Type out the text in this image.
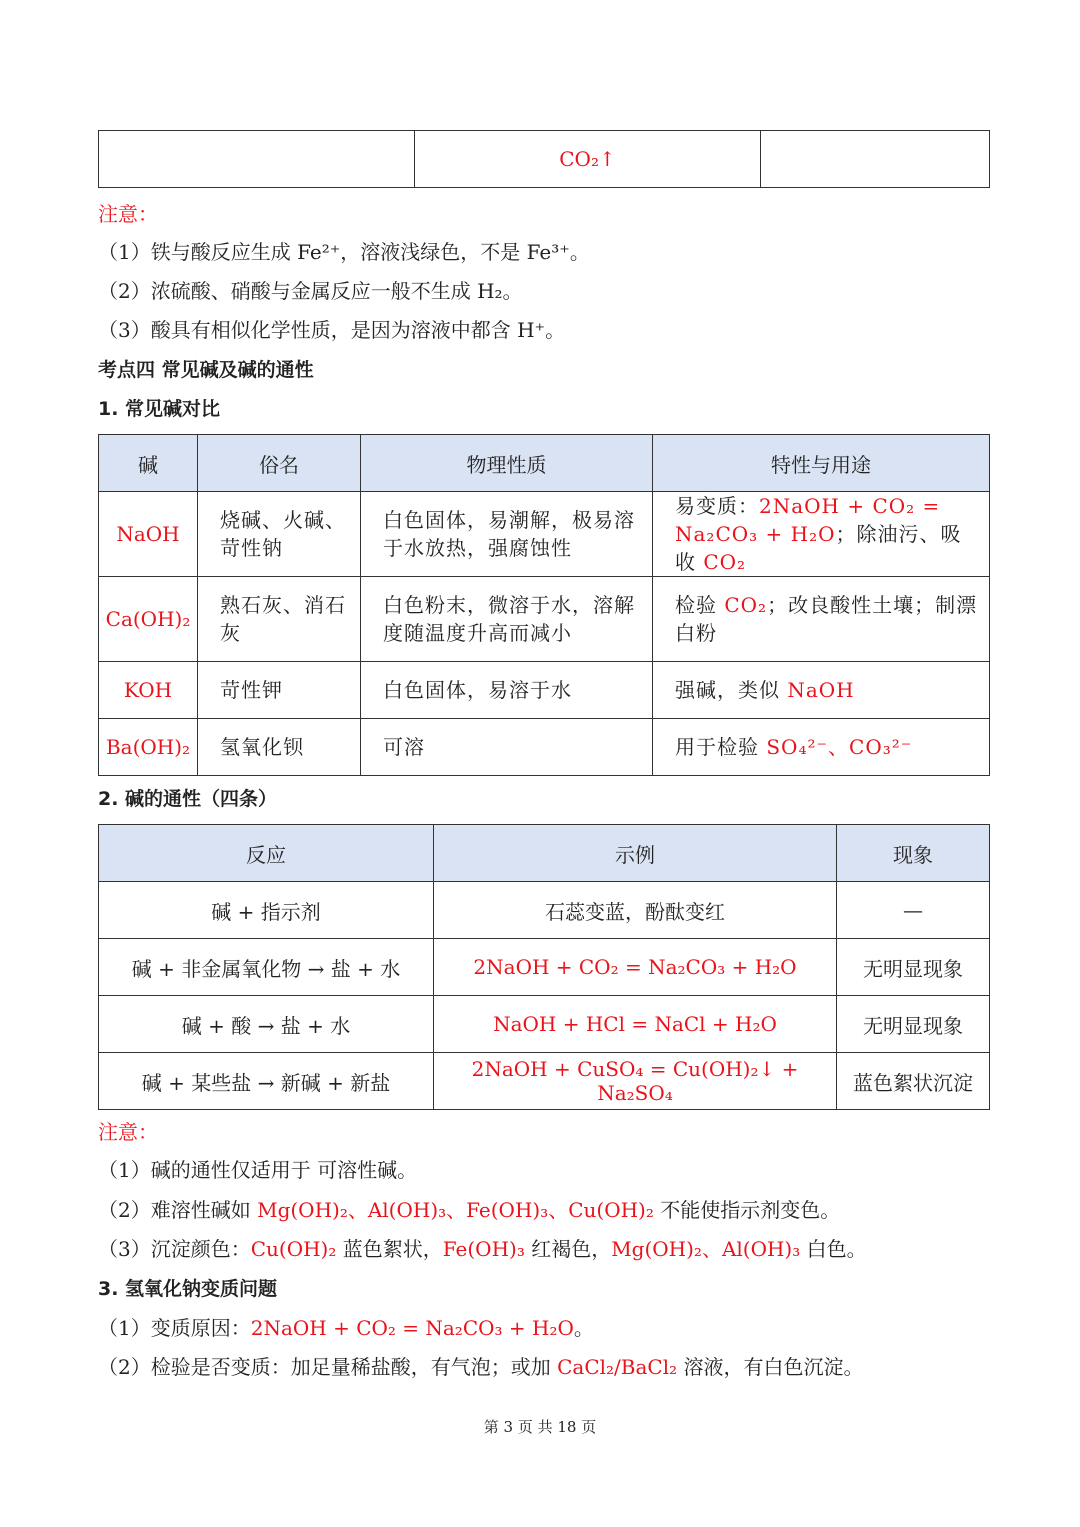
	CO₂↑	
注意：
（1）铁与酸反应生成 Fe²⁺，溶液浅绿色，不是 Fe³⁺。
（2）浓硫酸、硝酸与金属反应一般不生成 H₂。
（3）酸具有相似化学性质，是因为溶液中都含 H⁺。
考点四 常见碱及碱的通性
1. 常见碱对比
碱	俗名	物理性质	特性与用途
NaOH	烧碱、火碱、苛性钠	白色固体，易潮解，极易溶于水放热，强腐蚀性	易变质：2NaOH + CO₂ = Na₂CO₃ + H₂O；除油污、吸收 CO₂
Ca(OH)₂	熟石灰、消石灰	白色粉末，微溶于水，溶解度随温度升高而减小	检验 CO₂；改良酸性土壤；制漂白粉
KOH	苛性钾	白色固体，易溶于水	强碱，类似 NaOH
Ba(OH)₂	氢氧化钡	可溶	用于检验 SO₄²⁻、CO₃²⁻
2. 碱的通性（四条）
反应	示例	现象
碱 + 指示剂	石蕊变蓝，酚酞变红	—
碱 + 非金属氧化物 → 盐 + 水	2NaOH + CO₂ = Na₂CO₃ + H₂O	无明显现象
碱 + 酸 → 盐 + 水	NaOH + HCl = NaCl + H₂O	无明显现象
碱 + 某些盐 → 新碱 + 新盐	2NaOH + CuSO₄ = Cu(OH)₂↓ + Na₂SO₄	蓝色絮状沉淀
注意：
（1）碱的通性仅适用于 可溶性碱。
（2）难溶性碱如 Mg(OH)₂、Al(OH)₃、Fe(OH)₃、Cu(OH)₂ 不能使指示剂变色。
（3）沉淀颜色：Cu(OH)₂ 蓝色絮状，Fe(OH)₃ 红褐色，Mg(OH)₂、Al(OH)₃ 白色。
3. 氢氧化钠变质问题
（1）变质原因：2NaOH + CO₂ = Na₂CO₃ + H₂O。
（2）检验是否变质：加足量稀盐酸，有气泡；或加 CaCl₂/BaCl₂ 溶液，有白色沉淀。
第 3 页 共 18 页
